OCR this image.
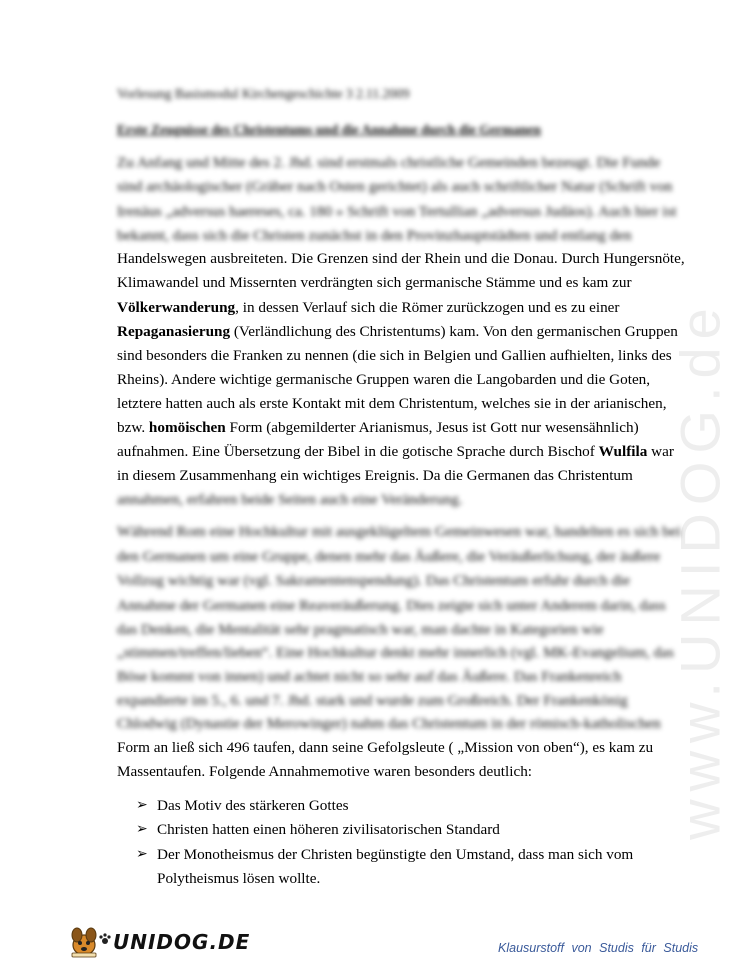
www.UNIDOG.de
Vorlesung Basismodul Kirchengeschichte 3 2.11.2009
Erste Zeugnisse des Christentums und die Annahme durch die Germanen
Zu Anfang und Mitte des 2. Jhd. sind erstmals christliche Gemeinden bezeugt. Die Funde
sind archäologischer (Gräber nach Osten gerichtet) als auch schriftlicher Natur (Schrift von
Irenäus „adversus haereses, ca. 180 » Schrift von Tertullian „adversus Judäos). Auch hier ist
bekannt, dass sich die Christen zunächst in den Provinzhauptstädten und entlang den
Handelswegen ausbreiteten. Die Grenzen sind der Rhein und die Donau. Durch Hungersnöte,
Klimawandel und Missernten verdrängten sich germanische Stämme und es kam zur
Völkerwanderung, in dessen Verlauf sich die Römer zurückzogen und es zu einer
Repaganasierung (Verländlichung des Christentums) kam. Von den germanischen Gruppen
sind besonders die Franken zu nennen (die sich in Belgien und Gallien aufhielten, links des
Rheins). Andere wichtige germanische Gruppen waren die Langobarden und die Goten,
letztere hatten auch als erste Kontakt mit dem Christentum, welches sie in der arianischen,
bzw. homöischen Form (abgemilderter Arianismus, Jesus ist Gott nur wesensähnlich)
aufnahmen. Eine Übersetzung der Bibel in die gotische Sprache durch Bischof Wulfila war
in diesem Zusammenhang ein wichtiges Ereignis. Da die Germanen das Christentum
annahmen, erfahren beide Seiten auch eine Veränderung.
Während Rom eine Hochkultur mit ausgeklügeltem Gemeinwesen war, handelten es sich bei
den Germanen um eine Gruppe, denen mehr das Äußere, die Veräußerlichung, der äußere
Vollzug wichtig war (vgl. Sakramentenspendung). Das Christentum erfuhr durch die
Annahme der Germanen eine Reaveräußerung. Dies zeigte sich unter Anderem darin, dass
das Denken, die Mentalität sehr pragmatisch war, man dachte in Kategorien wie
„stimmen/treffen/lieben“. Eine Hochkultur denkt mehr innerlich (vgl. MK-Evangelium, das
Böse kommt von innen) und achtet nicht so sehr auf das Äußere. Das Frankenreich
expandierte im 5., 6. und 7. Jhd. stark und wurde zum Großreich. Der Frankenkönig
Chlodwig (Dynastie der Merowinger) nahm das Christentum in der römisch-katholischen
Form an ließ sich 496 taufen, dann seine Gefolgsleute ( „Mission von oben“), es kam zu
Massentaufen. Folgende Annahmemotive waren besonders deutlich:
➢ Das Motiv des stärkeren Gottes
➢ Christen hatten einen höheren zivilisatorischen Standard
➢ Der Monotheismus der Christen begünstigte den Umstand, dass man sich vom
Polytheismus lösen wollte.
UNIDOG.DE	Klausurstoff von Studis für Studis
